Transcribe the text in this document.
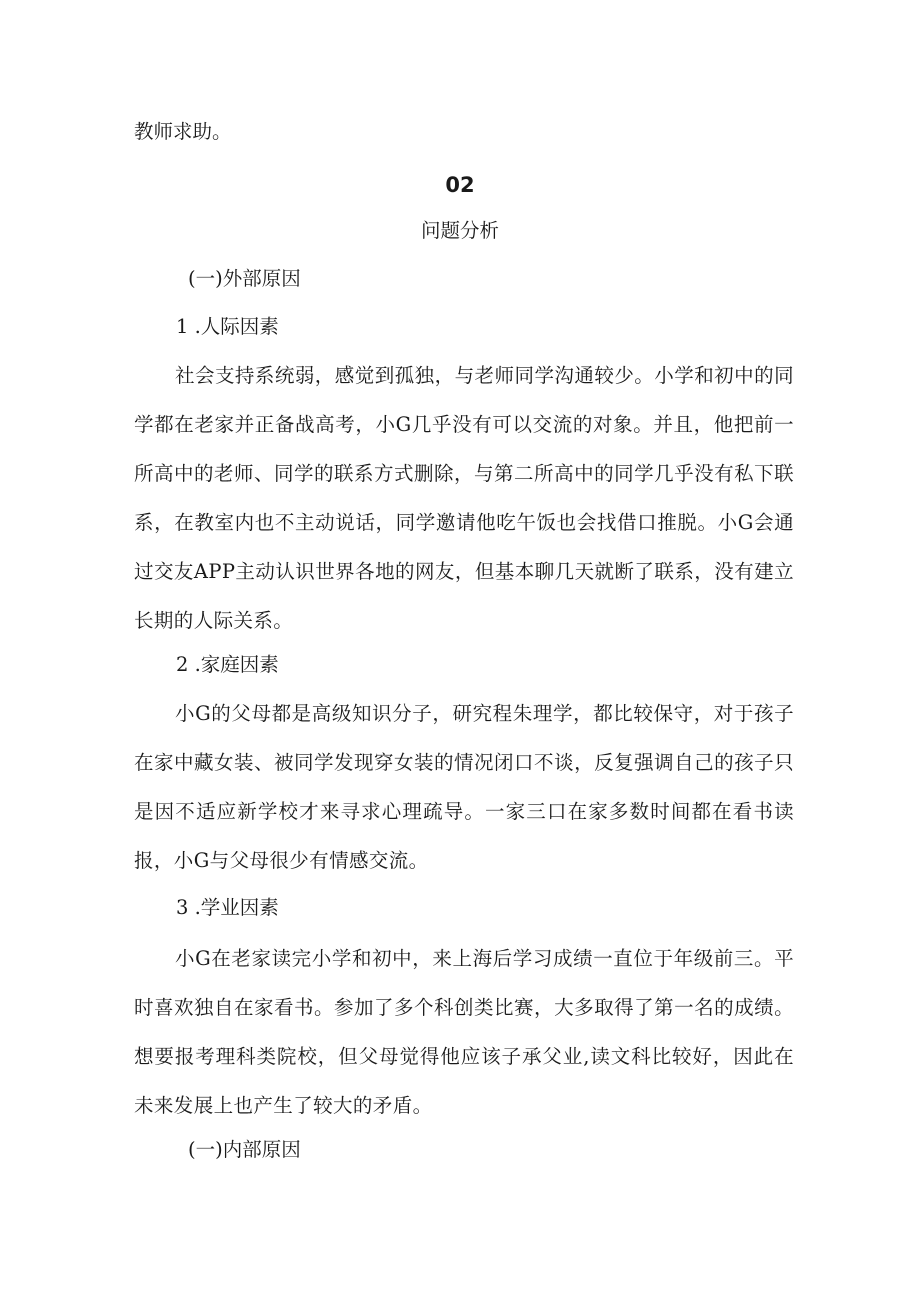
教师求助。

02

问题分析

(一)外部原因

1 .人际因素

社会支持系统弱，感觉到孤独，与老师同学沟通较少。小学和初中的同学都在老家并正备战高考，小G几乎没有可以交流的对象。并且，他把前一所高中的老师、同学的联系方式删除，与第二所高中的同学几乎没有私下联系，在教室内也不主动说话，同学邀请他吃午饭也会找借口推脱。小G会通过交友APP主动认识世界各地的网友，但基本聊几天就断了联系，没有建立长期的人际关系。

2 .家庭因素

小G的父母都是高级知识分子，研究程朱理学，都比较保守，对于孩子在家中藏女装、被同学发现穿女装的情况闭口不谈，反复强调自己的孩子只是因不适应新学校才来寻求心理疏导。一家三口在家多数时间都在看书读报，小G与父母很少有情感交流。

3 .学业因素

小G在老家读完小学和初中，来上海后学习成绩一直位于年级前三。平时喜欢独自在家看书。参加了多个科创类比赛，大多取得了第一名的成绩。想要报考理科类院校，但父母觉得他应该子承父业,读文科比较好，因此在未来发展上也产生了较大的矛盾。

(一)内部原因
